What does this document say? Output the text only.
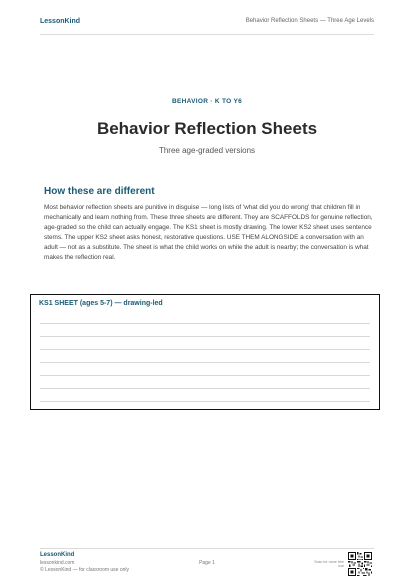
LessonKind	Behavior Reflection Sheets — Three Age Levels
BEHAVIOR · K TO Y6
Behavior Reflection Sheets
Three age-graded versions
How these are different

Most behavior reflection sheets are punitive in disguise — long lists of 'what did you do wrong' that children fill in mechanically and learn nothing from. These three sheets are different. They are SCAFFOLDS for genuine reflection, age-graded so the child can actually engage. The KS1 sheet is mostly drawing. The lower KS2 sheet uses sentence stems. The upper KS2 sheet asks honest, restorative questions. USE THEM ALONGSIDE a conversation with an adult — not as a substitute. The sheet is what the child works on while the adult is nearby; the conversation is what makes the reflection real.

KS1 SHEET (ages 5-7) — drawing-led
LessonKind
lessonkind.com
© LessonKind — for classroom use only
Page 1	Scan for more free use
